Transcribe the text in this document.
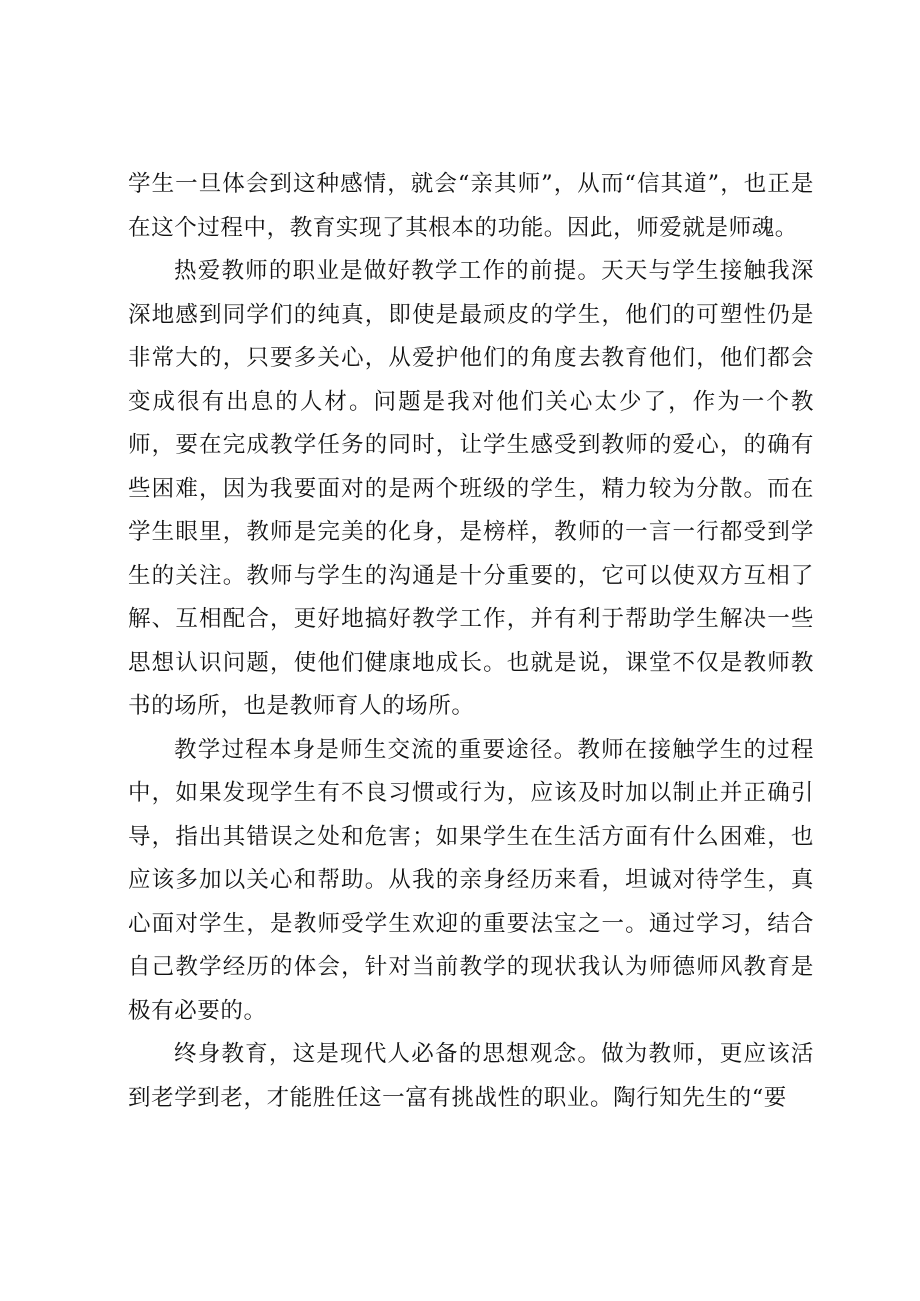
学生一旦体会到这种感情，就会“亲其师”，从而“信其道”，也正是在这个过程中，教育实现了其根本的功能。因此，师爱就是师魂。

热爱教师的职业是做好教学工作的前提。天天与学生接触我深深地感到同学们的纯真，即使是最顽皮的学生，他们的可塑性仍是非常大的，只要多关心，从爱护他们的角度去教育他们，他们都会变成很有出息的人材。问题是我对他们关心太少了，作为一个教师，要在完成教学任务的同时，让学生感受到教师的爱心，的确有些困难，因为我要面对的是两个班级的学生，精力较为分散。而在学生眼里，教师是完美的化身，是榜样，教师的一言一行都受到学生的关注。教师与学生的沟通是十分重要的，它可以使双方互相了解、互相配合，更好地搞好教学工作，并有利于帮助学生解决一些思想认识问题，使他们健康地成长。也就是说，课堂不仅是教师教书的场所，也是教师育人的场所。

教学过程本身是师生交流的重要途径。教师在接触学生的过程中，如果发现学生有不良习惯或行为，应该及时加以制止并正确引导，指出其错误之处和危害；如果学生在生活方面有什么困难，也应该多加以关心和帮助。从我的亲身经历来看，坦诚对待学生，真心面对学生，是教师受学生欢迎的重要法宝之一。通过学习，结合自己教学经历的体会，针对当前教学的现状我认为师德师风教育是极有必要的。

终身教育，这是现代人必备的思想观念。做为教师，更应该活到老学到老，才能胜任这一富有挑战性的职业。陶行知先生的“要
